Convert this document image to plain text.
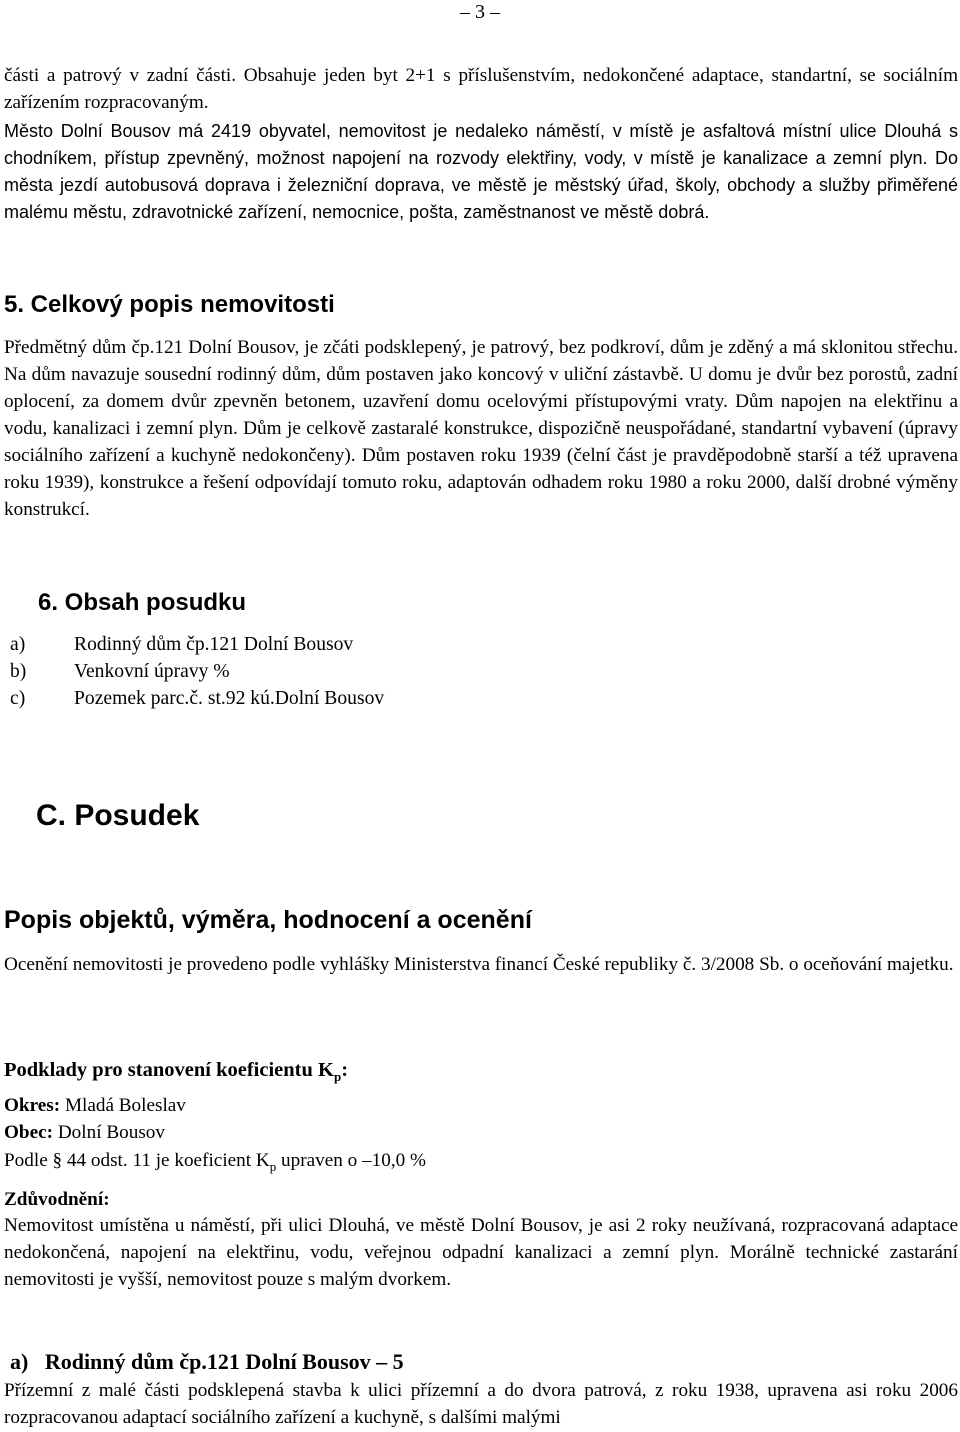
– 3 –

části a patrový v zadní části. Obsahuje jeden byt 2+1 s příslušenstvím, nedokončené adaptace, standartní, se sociálním zařízením rozpracovaným.

Město Dolní Bousov má 2419 obyvatel, nemovitost je nedaleko náměstí, v místě je asfaltová místní ulice Dlouhá s chodníkem, přístup zpevněný, možnost napojení na rozvody elektřiny, vody, v místě je kanalizace a zemní plyn. Do města jezdí autobusová doprava i železniční doprava, ve městě je městský úřad, školy, obchody a služby přiměřené malému městu, zdravotnické zařízení, nemocnice, pošta, zaměstnanost ve městě dobrá.

5. Celkový popis nemovitosti

Předmětný dům čp.121 Dolní Bousov, je zčáti podsklepený, je patrový, bez podkroví, dům je zděný a má sklonitou střechu. Na dům navazuje sousední rodinný dům, dům postaven jako koncový v uliční zástavbě. U domu je dvůr bez porostů, zadní oplocení, za domem dvůr zpevněn betonem, uzavření domu ocelovými přístupovými vraty. Dům napojen na elektřinu a vodu, kanalizaci i zemní plyn. Dům je celkově zastaralé konstrukce, dispozičně neuspořádané, standartní vybavení (úpravy sociálního zařízení a kuchyně nedokončeny). Dům postaven roku 1939 (čelní část je pravděpodobně starší a též upravena roku 1939), konstrukce a řešení odpovídají tomuto roku, adaptován odhadem roku 1980 a roku 2000, další drobné výměny konstrukcí.

6. Obsah posudku
a)	Rodinný dům čp.121 Dolní Bousov
b)	Venkovní úpravy %
c)	Pozemek parc.č. st.92 kú.Dolní Bousov
C. Posudek
Popis objektů, výměra, hodnocení a ocenění

Ocenění nemovitosti je provedeno podle vyhlášky Ministerstva financí České republiky č. 3/2008 Sb. o oceňování majetku.

Podklady pro stanovení koeficientu $K_p$:
Okres: Mladá Boleslav
Obec: Dolní Bousov
Podle § 44 odst. 11 je koeficient $K_p$ upraven o –10,0 %
Zdůvodnění:

Nemovitost umístěna u náměstí, při ulici Dlouhá, ve městě Dolní Bousov, je asi 2 roky neužívaná, rozpracovaná adaptace nedokončená, napojení na elektřinu, vodu, veřejnou odpadní kanalizaci a zemní plyn. Morálně technické zastarání nemovitosti je vyšší, nemovitost pouze s malým dvorkem.

a)   Rodinný dům čp.121 Dolní Bousov – 5

Přízemní z malé části podsklepená stavba k ulici přízemní a do dvora patrová, z roku 1938, upravena asi roku 2006 rozpracovanou adaptací sociálního zařízení a kuchyně, s dalšími malými
